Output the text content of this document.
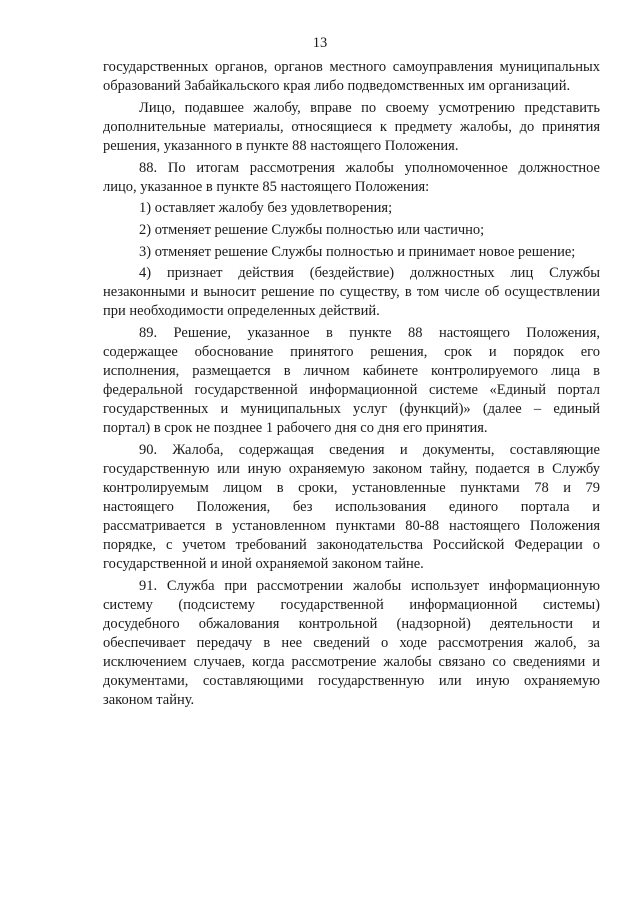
13
государственных органов, органов местного самоуправления муниципальных
образований Забайкальского края либо подведомственных им организаций.
Лицо, подавшее жалобу, вправе по своему усмотрению представить
дополнительные материалы, относящиеся к предмету жалобы, до принятия
решения, указанного в пункте 88 настоящего Положения.
88. По итогам рассмотрения жалобы уполномоченное должностное
лицо, указанное в пункте 85 настоящего Положения:
1) оставляет жалобу без удовлетворения;
2) отменяет решение Службы полностью или частично;
3) отменяет решение Службы полностью и принимает новое решение;
4) признает действия (бездействие) должностных лиц Службы
незаконными и выносит решение по существу, в том числе об осуществлении
при необходимости определенных действий.
89. Решение, указанное в пункте 88 настоящего Положения,
содержащее обоснование принятого решения, срок и порядок его
исполнения, размещается в личном кабинете контролируемого лица в
федеральной государственной информационной системе «Единый портал
государственных и муниципальных услуг (функций)» (далее – единый
портал) в срок не позднее 1 рабочего дня со дня его принятия.
90. Жалоба, содержащая сведения и документы, составляющие
государственную или иную охраняемую законом тайну, подается в Службу
контролируемым лицом в сроки, установленные пунктами 78 и 79
настоящего Положения, без использования единого портала и
рассматривается в установленном пунктами 80-88 настоящего Положения
порядке, с учетом требований законодательства Российской Федерации о
государственной и иной охраняемой законом тайне.
91. Служба при рассмотрении жалобы использует информационную
систему (подсистему государственной информационной системы)
досудебного обжалования контрольной (надзорной) деятельности и
обеспечивает передачу в нее сведений о ходе рассмотрения жалоб, за
исключением случаев, когда рассмотрение жалобы связано со сведениями и
документами, составляющими государственную или иную охраняемую
законом тайну.
